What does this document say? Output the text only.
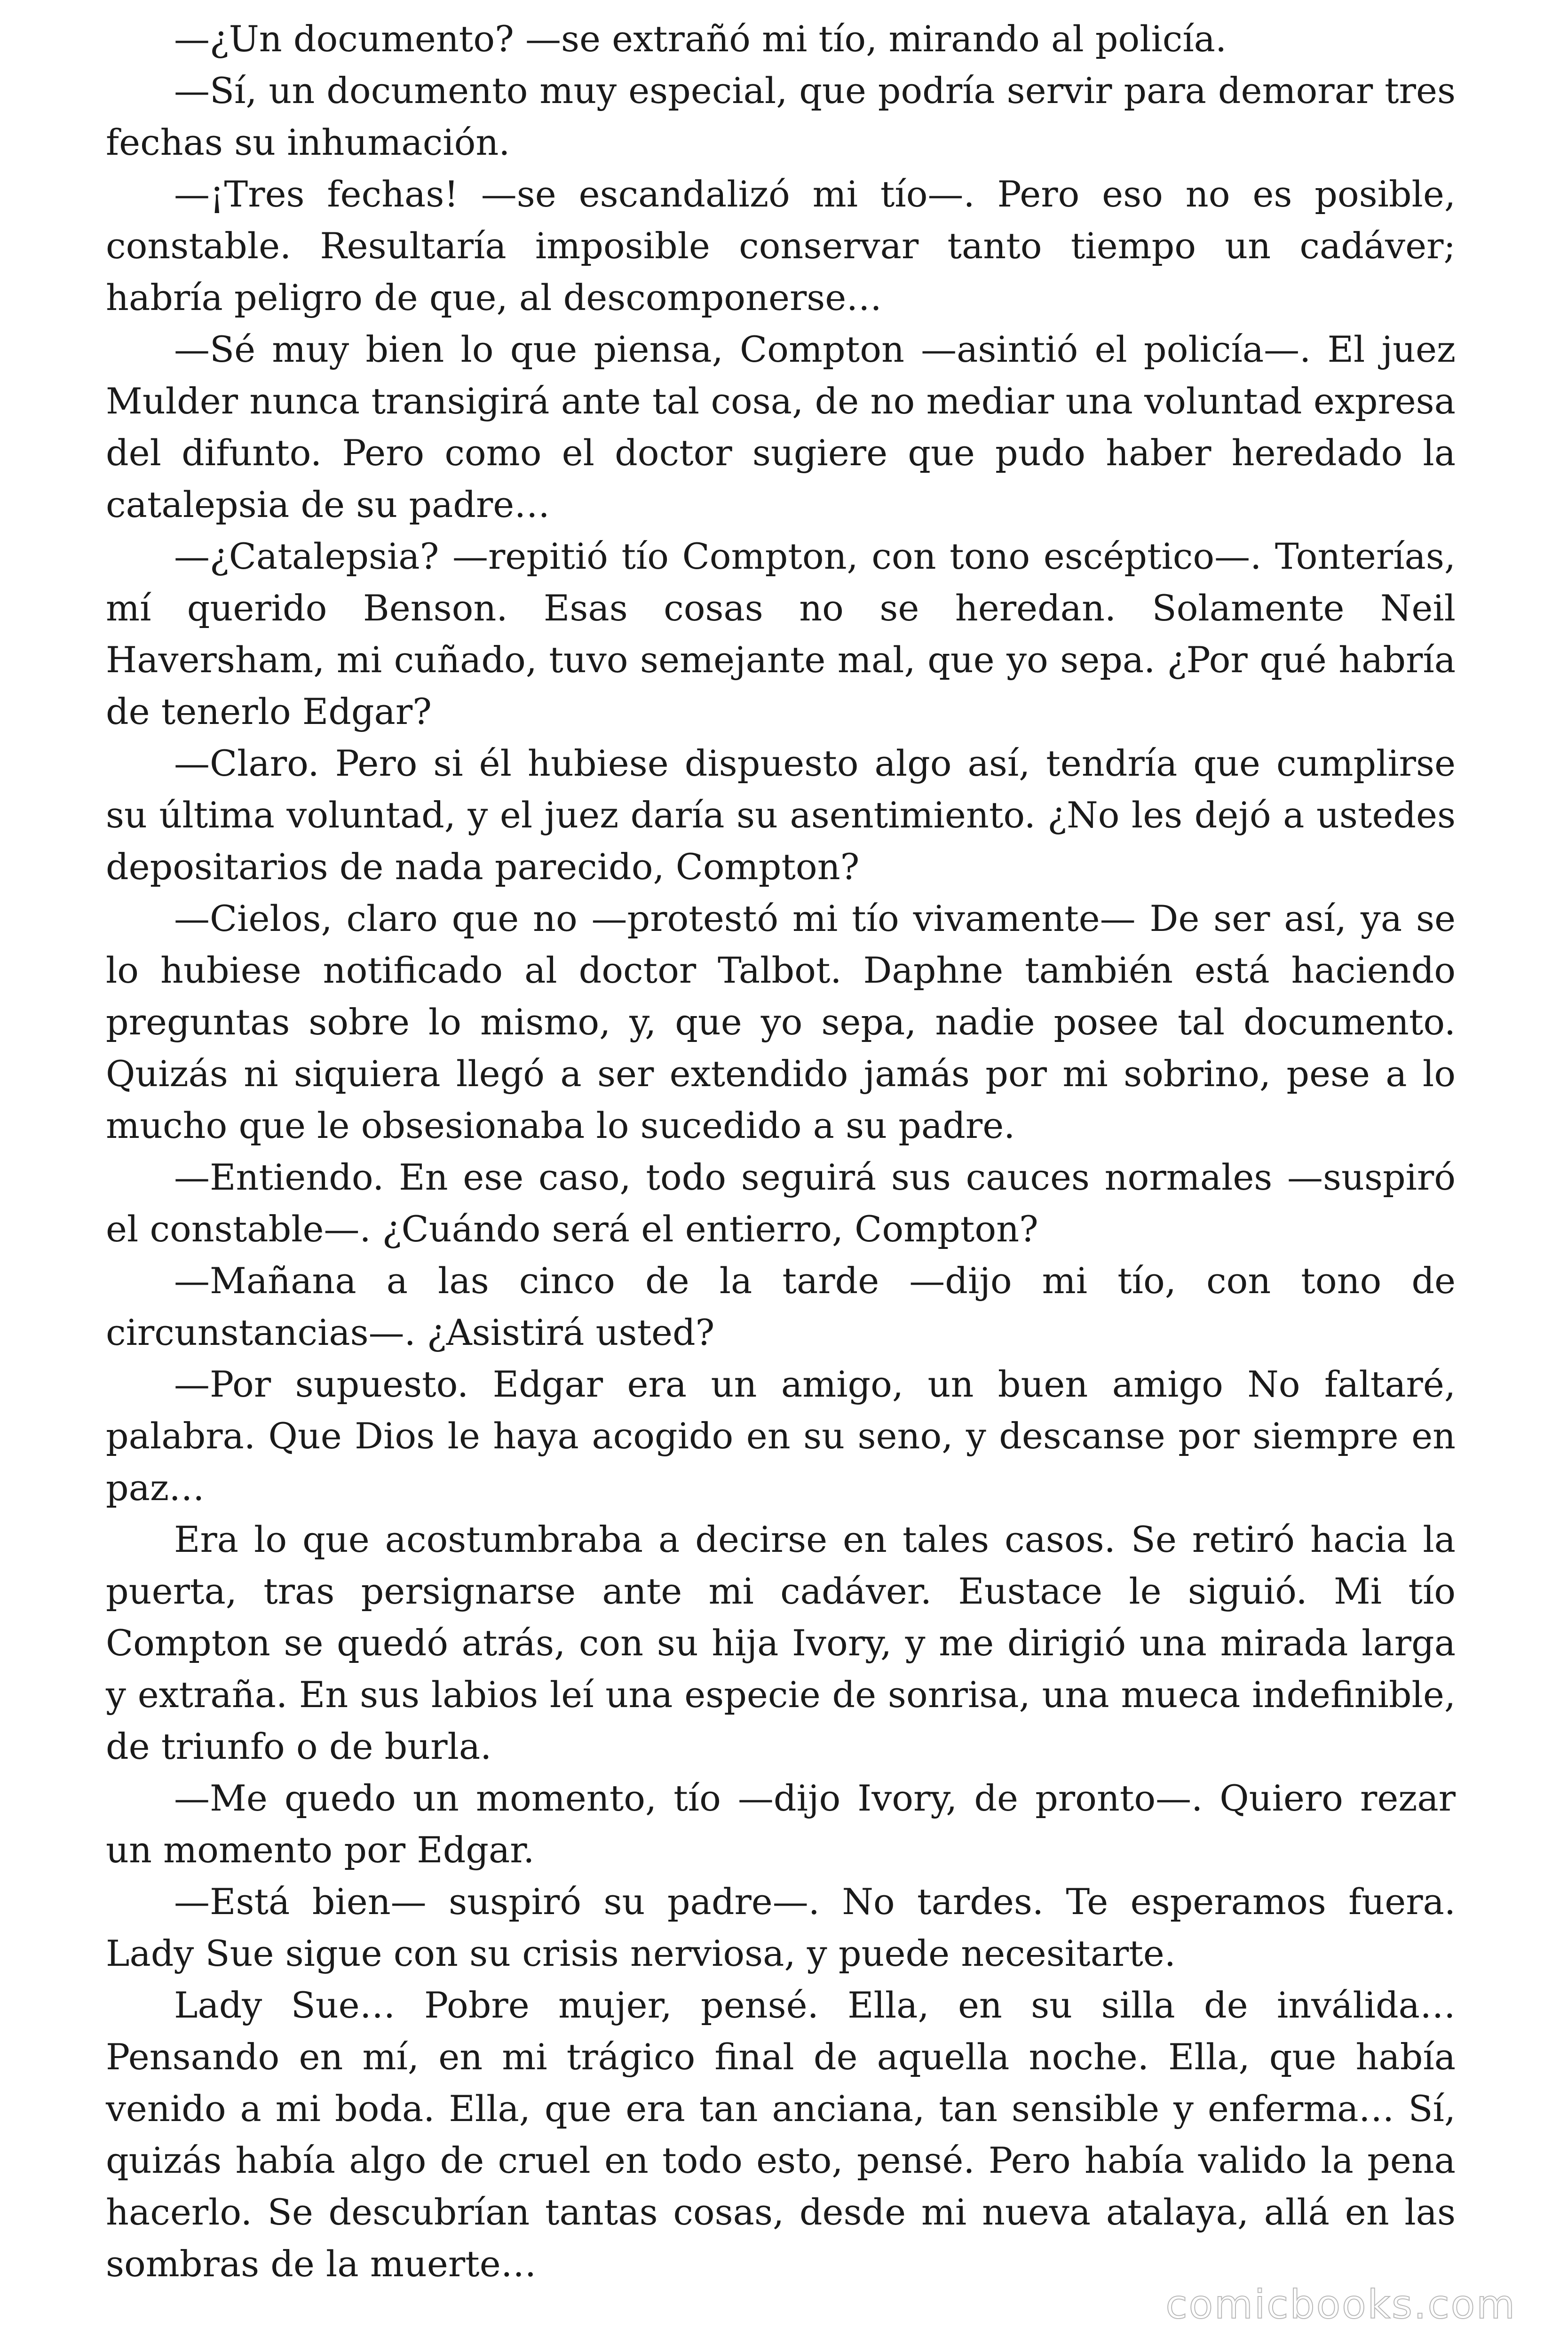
—¿Un documento? —se extrañó mi tío, mirando al policía.

—Sí, un documento muy especial, que podría servir para demorar tres fechas su inhumación.

—¡Tres fechas! —se escandalizó mi tío—. Pero eso no es posible, constable. Resultaría imposible conservar tanto tiempo un cadáver; habría peligro de que, al descomponerse…

—Sé muy bien lo que piensa, Compton —asintió el policía—. El juez Mulder nunca transigirá ante tal cosa, de no mediar una voluntad expresa del difunto. Pero como el doctor sugiere que pudo haber heredado la catalepsia de su padre…

—¿Catalepsia? —repitió tío Compton, con tono escéptico—. Tonterías, mí querido Benson. Esas cosas no se heredan. Solamente Neil Haversham, mi cuñado, tuvo semejante mal, que yo sepa. ¿Por qué habría de tenerlo Edgar?

—Claro. Pero si él hubiese dispuesto algo así, tendría que cumplirse su última voluntad, y el juez daría su asentimiento. ¿No les dejó a ustedes depositarios de nada parecido, Compton?

—Cielos, claro que no —protestó mi tío vivamente— De ser así, ya se lo hubiese notificado al doctor Talbot. Daphne también está haciendo preguntas sobre lo mismo, y, que yo sepa, nadie posee tal documento. Quizás ni siquiera llegó a ser extendido jamás por mi sobrino, pese a lo mucho que le obsesionaba lo sucedido a su padre.

—Entiendo. En ese caso, todo seguirá sus cauces normales —suspiró el constable—. ¿Cuándo será el entierro, Compton?

—Mañana a las cinco de la tarde —dijo mi tío, con tono de circunstancias—. ¿Asistirá usted?

—Por supuesto. Edgar era un amigo, un buen amigo No faltaré, palabra. Que Dios le haya acogido en su seno, y descanse por siempre en paz…

Era lo que acostumbraba a decirse en tales casos. Se retiró hacia la puerta, tras persignarse ante mi cadáver. Eustace le siguió. Mi tío Compton se quedó atrás, con su hija Ivory, y me dirigió una mirada larga y extraña. En sus labios leí una especie de sonrisa, una mueca indefinible, de triunfo o de burla.

—Me quedo un momento, tío —dijo Ivory, de pronto—. Quiero rezar un momento por Edgar.

—Está bien— suspiró su padre—. No tardes. Te esperamos fuera. Lady Sue sigue con su crisis nerviosa, y puede necesitarte.

Lady Sue… Pobre mujer, pensé. Ella, en su silla de inválida… Pensando en mí, en mi trágico final de aquella noche. Ella, que había venido a mi boda. Ella, que era tan anciana, tan sensible y enferma… Sí, quizás había algo de cruel en todo esto, pensé. Pero había valido la pena hacerlo. Se descubrían tantas cosas, desde mi nueva atalaya, allá en las sombras de la muerte…

comicbooks.com
